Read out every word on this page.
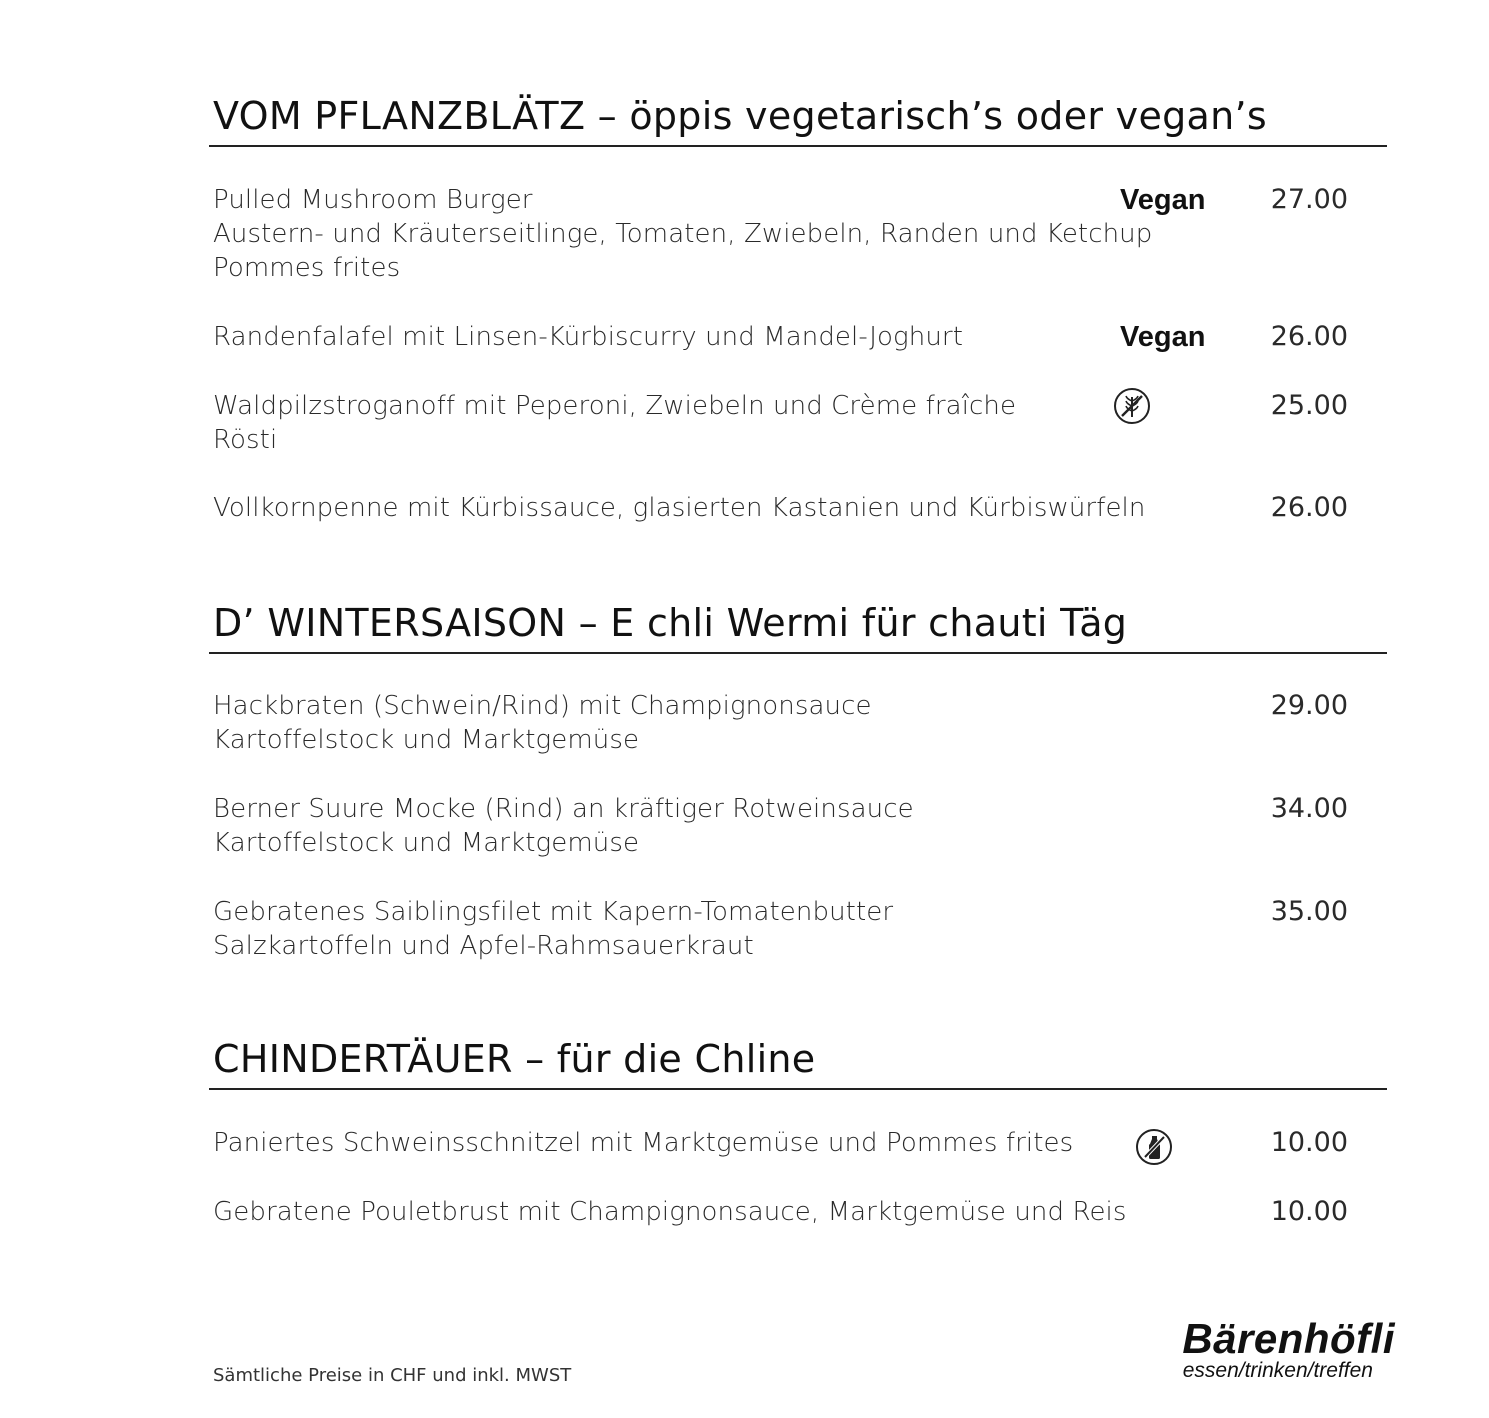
VOM PFLANZBLÄTZ – öppis vegetarisch’s oder vegan’s
Pulled Mushroom Burger
Austern- und Kräuterseitlinge, Tomaten, Zwiebeln, Randen und Ketchup
Pommes frites
Vegan	27.00
Randenfalafel mit Linsen-Kürbiscurry und Mandel-Joghurt	Vegan	26.00
Waldpilzstroganoff mit Peperoni, Zwiebeln und Crème fraîche
Rösti
25.00
Vollkornpenne mit Kürbissauce, glasierten Kastanien und Kürbiswürfeln	26.00
D’ WINTERSAISON – E chli Wermi für chauti Täg
Hackbraten (Schwein/Rind) mit Champignonsauce
Kartoffelstock und Marktgemüse
29.00
Berner Suure Mocke (Rind) an kräftiger Rotweinsauce
Kartoffelstock und Marktgemüse
34.00
Gebratenes Saiblingsfilet mit Kapern-Tomatenbutter
Salzkartoffeln und Apfel-Rahmsauerkraut
35.00
CHINDERTÄUER – für die Chline
Paniertes Schweinsschnitzel mit Marktgemüse und Pommes frites	10.00
Gebratene Pouletbrust mit Champignonsauce, Marktgemüse und Reis	10.00
Sämtliche Preise in CHF und inkl. MWST
Bärenhöfli
essen/trinken/treffen
